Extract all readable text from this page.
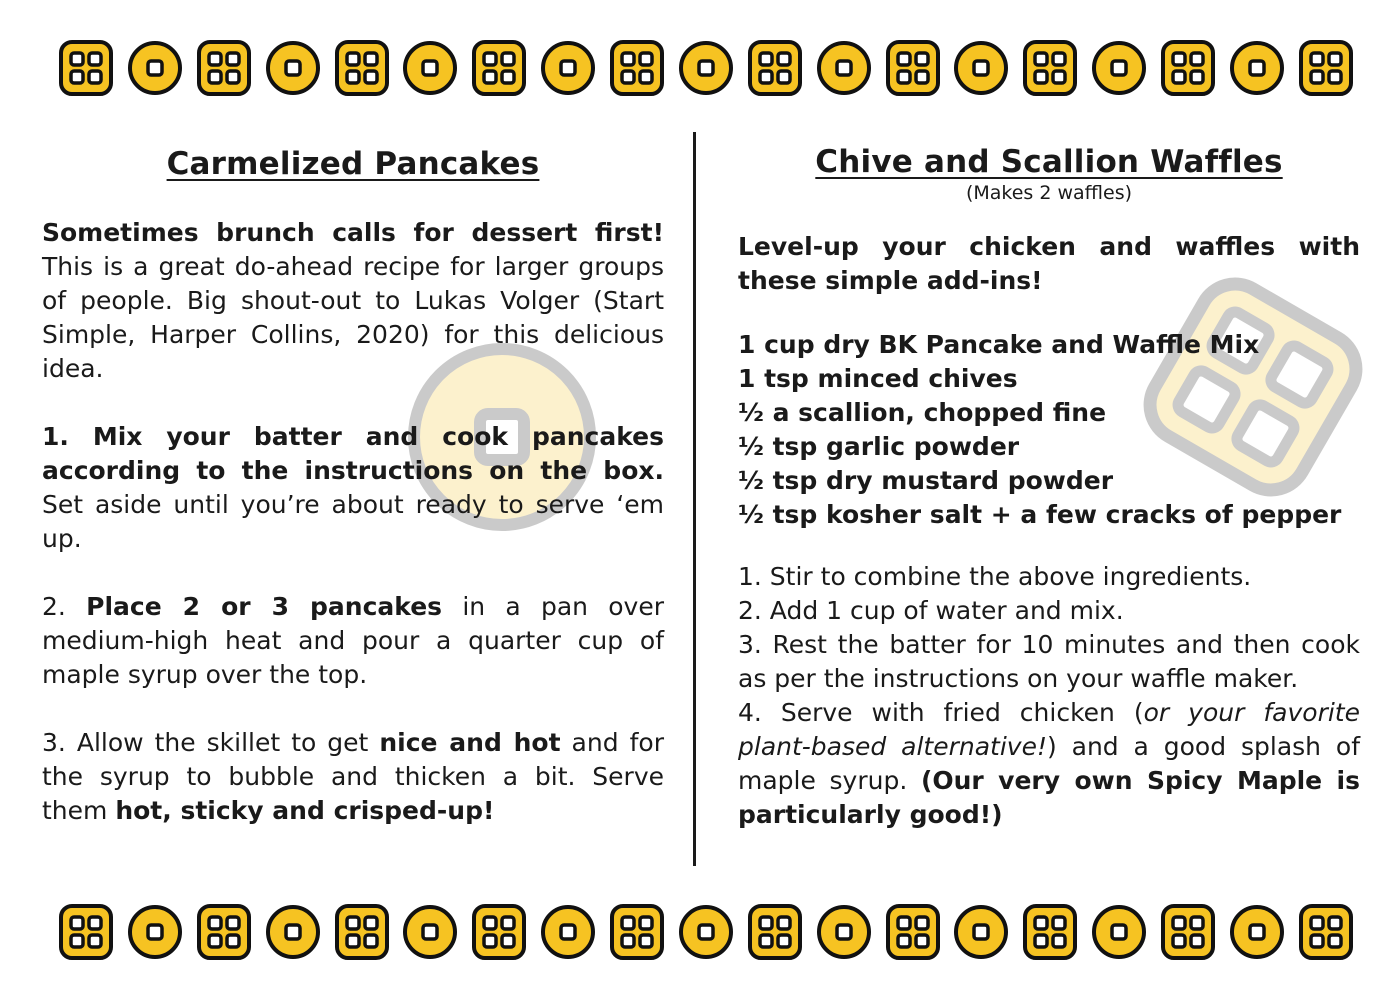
Carmelized Pancakes

Sometimes brunch calls for dessert first! This is a great do-ahead recipe for larger groups of people. Big shout-out to Lukas Volger (Start Simple, Harper Collins, 2020) for this delicious idea.

1. Mix your batter and cook pancakes according to the instructions on the box. Set aside until you’re about ready to serve ‘em up.

2. Place 2 or 3 pancakes in a pan over medium-high heat and pour a quarter cup of maple syrup over the top.

3. Allow the skillet to get nice and hot and for the syrup to bubble and thicken a bit. Serve them hot, sticky and crisped-up!

Chive and Scallion Waffles
(Makes 2 waffles)

Level-up your chicken and waffles with these simple add-ins!

1 cup dry BK Pancake and Waffle Mix
1 tsp minced chives
½ a scallion, chopped fine
½ tsp garlic powder
½ tsp dry mustard powder
½ tsp kosher salt + a few cracks of pepper

1. Stir to combine the above ingredients.

2. Add 1 cup of water and mix.

3. Rest the batter for 10 minutes and then cook as per the instructions on your waffle maker.

4. Serve with fried chicken (or your favorite plant-based alternative!) and a good splash of maple syrup. (Our very own Spicy Maple is particularly good!)
